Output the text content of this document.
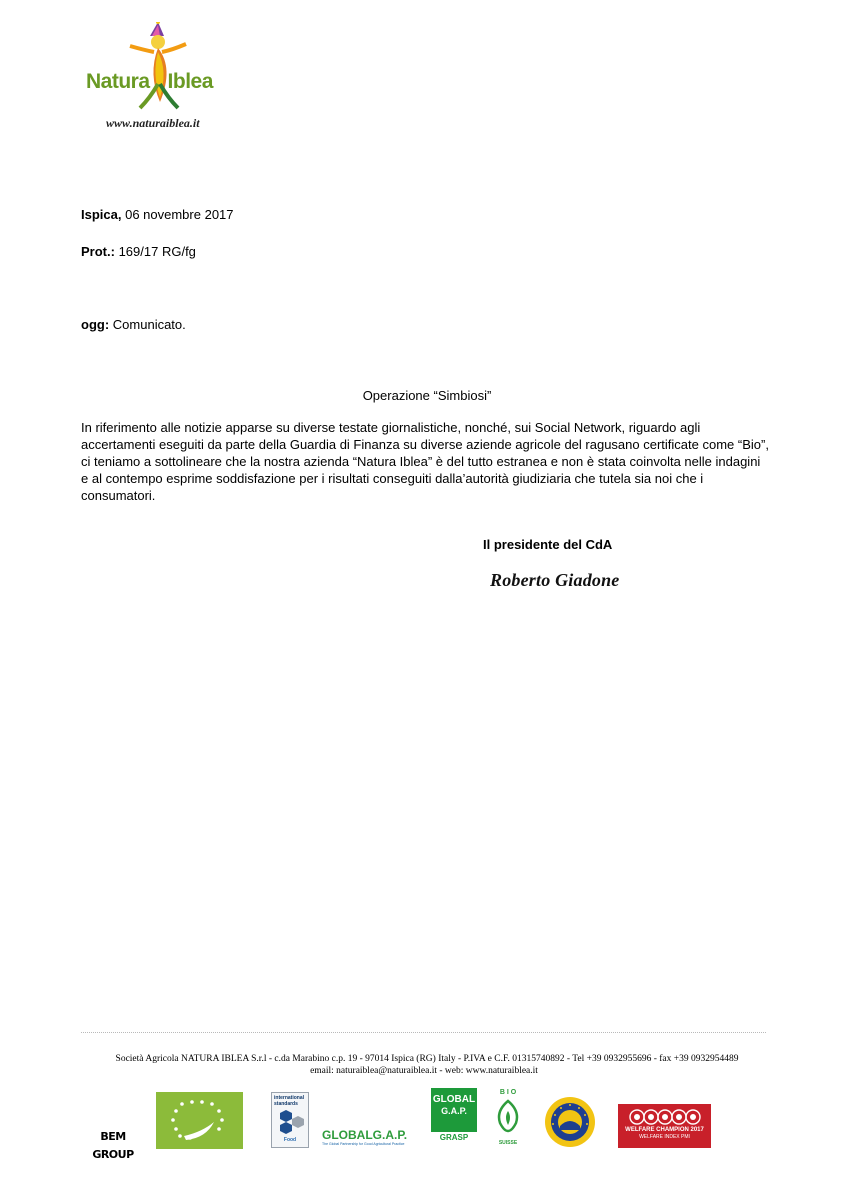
Natura Iblea
www.naturaiblea.it
Ispica, 06 novembre 2017
Prot.: 169/17 RG/fg
ogg: Comunicato.
Operazione “Simbiosi”
In riferimento alle notizie apparse su diverse testate giornalistiche, nonché, sui Social Network, riguardo agli accertamenti eseguiti da parte della Guardia di Finanza su diverse aziende agricole del ragusano certificate come “Bio”, ci teniamo a sottolineare che la nostra azienda “Natura Iblea” è del tutto estranea e non è stata coinvolta nelle indagini e al contempo esprime soddisfazione per i risultati conseguiti dalla’autorità giudiziaria che tutela sia noi che i consumatori.
Il presidente del CdA
Roberto Giadone
Società Agricola NATURA IBLEA S.r.l - c.da Marabino c.p. 19 - 97014 Ispica (RG) Italy - P.IVA e C.F. 01315740892 - Tel +39 0932955696 - fax +39 0932954489
email: naturaiblea@naturaiblea.it - web: www.naturaiblea.it
BEM GROUP
international
standards
Food	GLOBALG.A.P.
The Global Partnership for Good Agricultural Practice
GLOBAL
G.A.P.
GRASP
B I O
SUISSE
WELFARE CHAMPION 2017
WELFARE INDEX PMI
